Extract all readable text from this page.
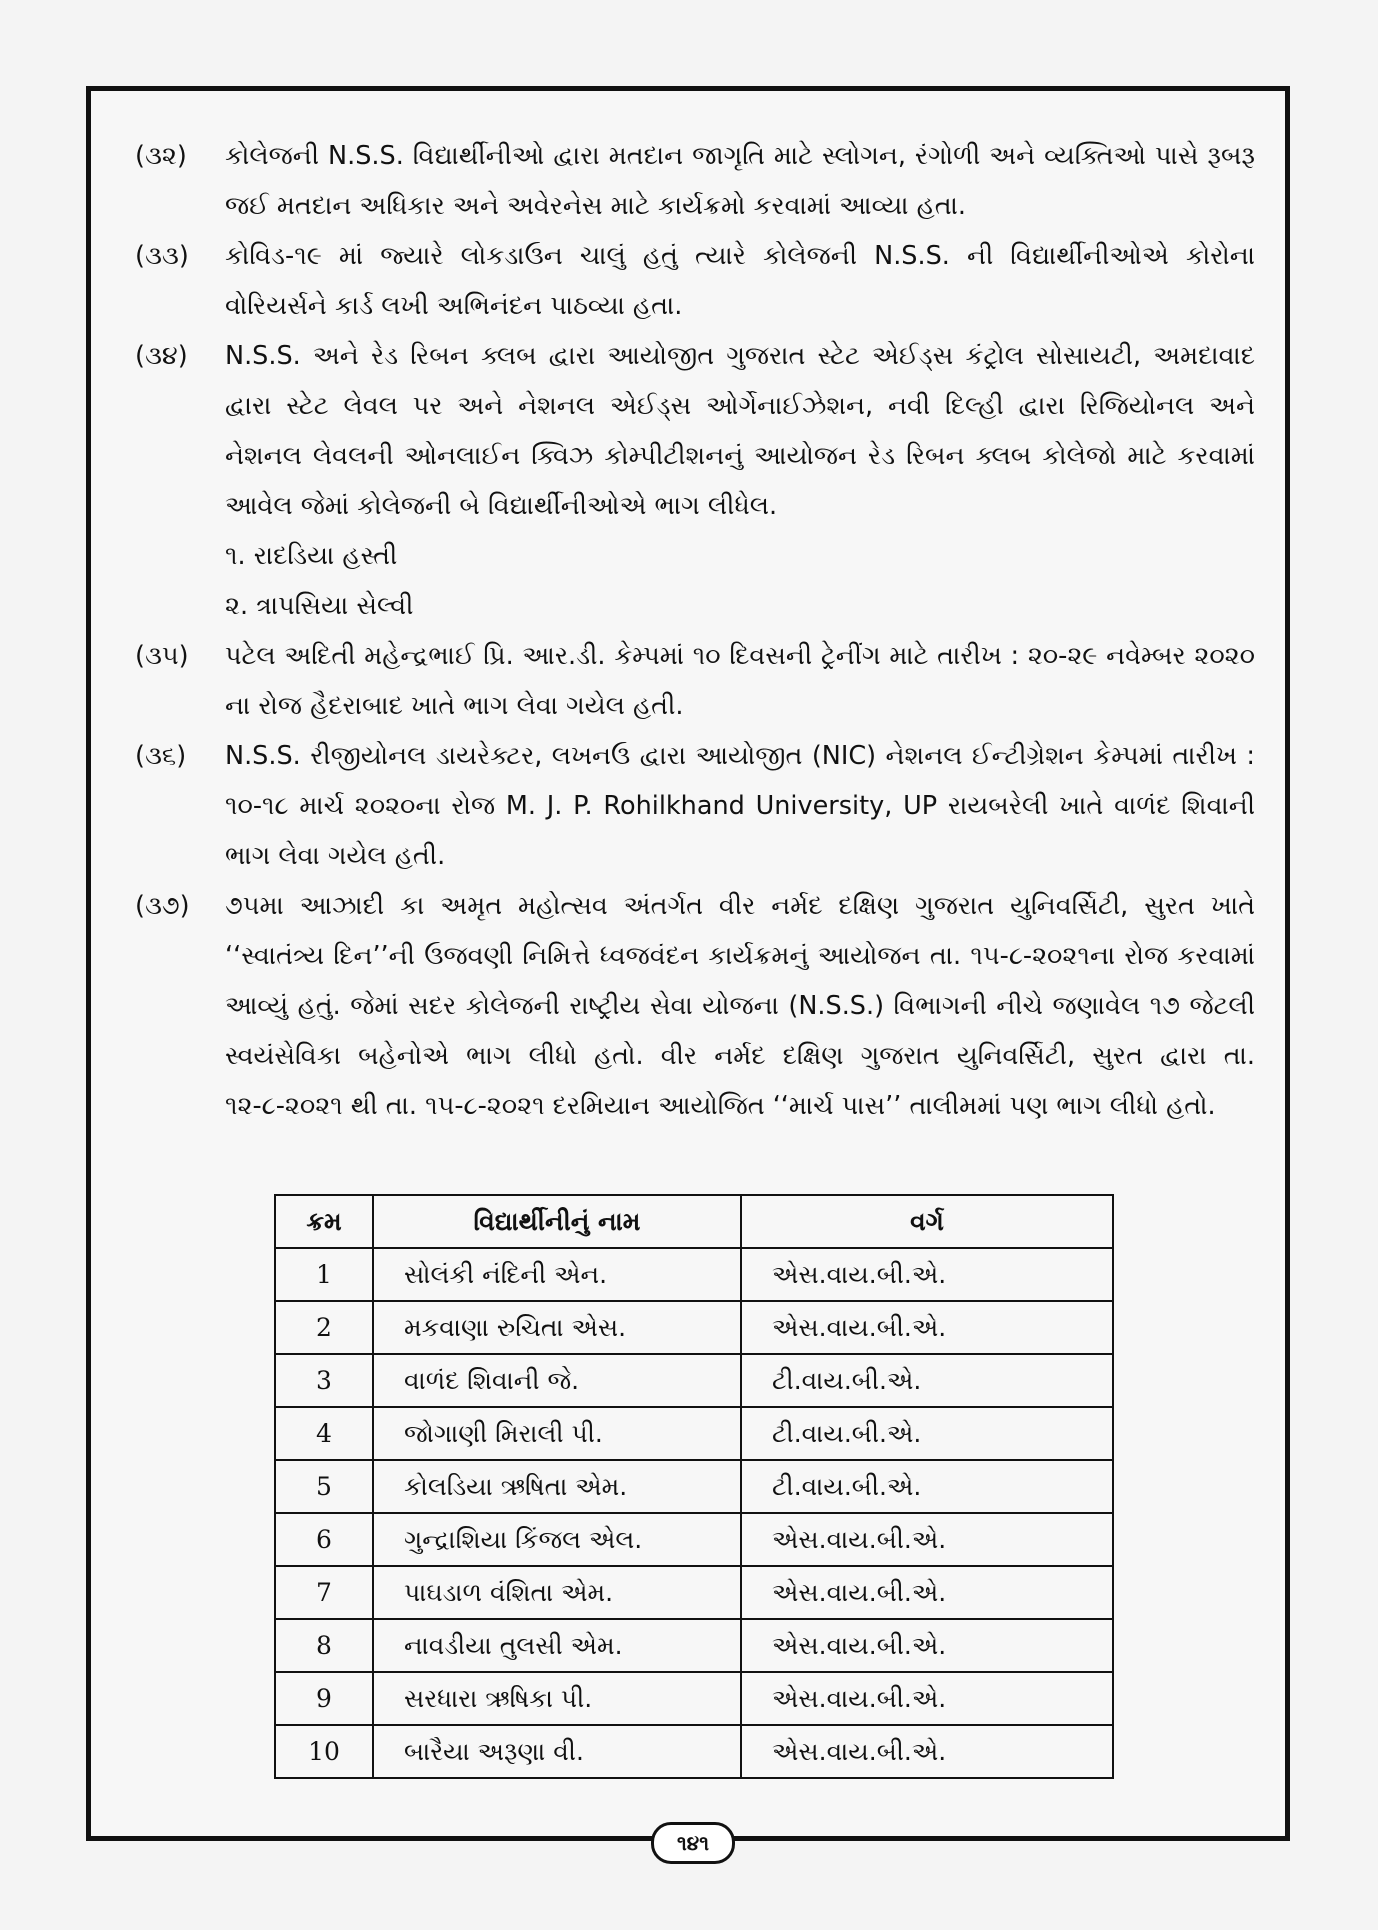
(૩૨)	કોલેજની N.S.S. વિદ્યાર્થીનીઓ દ્વારા મતદાન જાગૃતિ માટે સ્લોગન, રંગોળી અને વ્યક્તિઓ પાસે રૂબરૂ જઈ મતદાન અધિકાર અને અવેરનેસ માટે કાર્યક્રમો કરવામાં આવ્યા હતા.
(૩૩)	કોવિડ-૧૯ માં જ્યારે લોકડાઉન ચાલું હતું ત્યારે કોલેજની N.S.S. ની વિદ્યાર્થીનીઓએ કોરોના વોરિયર્સને કાર્ડ લખી અભિનંદન પાઠવ્યા હતા.
(૩૪)	N.S.S. અને રેડ રિબન ક્લબ દ્વારા આયોજીત ગુજરાત સ્ટેટ એઈડ્સ કંટ્રોલ સોસાયટી, અમદાવાદ દ્વારા સ્ટેટ લેવલ પર અને નેશનલ એઈડ્સ ઓર્ગેનાઈઝેશન, નવી દિલ્હી દ્વારા રિજિયોનલ અને નેશનલ લેવલની ઓનલાઈન ક્વિઝ કોમ્પીટીશનનું આયોજન રેડ રિબન ક્લબ કોલેજો માટે કરવામાં આવેલ જેમાં કોલેજની બે વિદ્યાર્થીનીઓએ ભાગ લીધેલ.
૧. રાદડિયા હસ્તી
૨. ત્રાપસિયા સેલ્વી
(૩૫)	પટેલ અદિતી મહેન્દ્રભાઈ પ્રિ. આર.ડી. કેમ્પમાં ૧૦ દિવસની ટ્રેનીંગ માટે તારીખ : ૨૦-૨૯ નવેમ્બર ૨૦૨૦ ના રોજ હૈદરાબાદ ખાતે ભાગ લેવા ગયેલ હતી.
(૩૬)	N.S.S. રીજીયોનલ ડાયરેક્ટર, લખનઉ દ્વારા આયોજીત (NIC) નેશનલ ઈન્ટીગ્રેશન કેમ્પમાં તારીખ : ૧૦-૧૮ માર્ચ ૨૦૨૦ના રોજ M. J. P. Rohilkhand University, UP રાયબરેલી ખાતે વાળંદ શિવાની ભાગ લેવા ગયેલ હતી.
(૩૭)	૭૫મા આઝાદી કા અમૃત મહોત્સવ અંતર્ગત વીર નર્મદ દક્ષિણ ગુજરાત યુનિવર્સિટી, સુરત ખાતે ‘‘સ્વાતંત્ર્ય દિન’’ની ઉજવણી નિમિત્તે ધ્વજવંદન કાર્યક્રમનું આયોજન તા. ૧૫-૮-૨૦૨૧ના રોજ કરવામાં આવ્યું હતું. જેમાં સદર કોલેજની રાષ્ટ્રીય સેવા યોજના (N.S.S.) વિભાગની નીચે જણાવેલ ૧૭ જેટલી સ્વયંસેવિકા બહેનોએ ભાગ લીધો હતો. વીર નર્મદ દક્ષિણ ગુજરાત યુનિવર્સિટી, સુરત દ્વારા તા. ૧૨-૮-૨૦૨૧ થી તા. ૧૫-૮-૨૦૨૧ દરમિયાન આયોજિત ‘‘માર્ચ પાસ’’ તાલીમમાં પણ ભાગ લીધો હતો.
ક્રમ	વિદ્યાર્થીનીનું નામ	વર્ગ
1	સોલંકી નંદિની એન.	એસ.વાય.બી.એ.
2	મકવાણા રુચિતા એસ.	એસ.વાય.બી.એ.
3	વાળંદ શિવાની જે.	ટી.વાય.બી.એ.
4	જોગાણી મિરાલી પી.	ટી.વાય.બી.એ.
5	કોલડિયા ઋષિતા એમ.	ટી.વાય.બી.એ.
6	ગુન્દ્રાશિયા કિંજલ એલ.	એસ.વાય.બી.એ.
7	પાઘડાળ વંશિતા એમ.	એસ.વાય.બી.એ.
8	નાવડીયા તુલસી એમ.	એસ.વાય.બી.એ.
9	સરધારા ઋષિકા પી.	એસ.વાય.બી.એ.
10	બારૈયા અરૂણા વી.	એસ.વાય.બી.એ.
૧૪૧
